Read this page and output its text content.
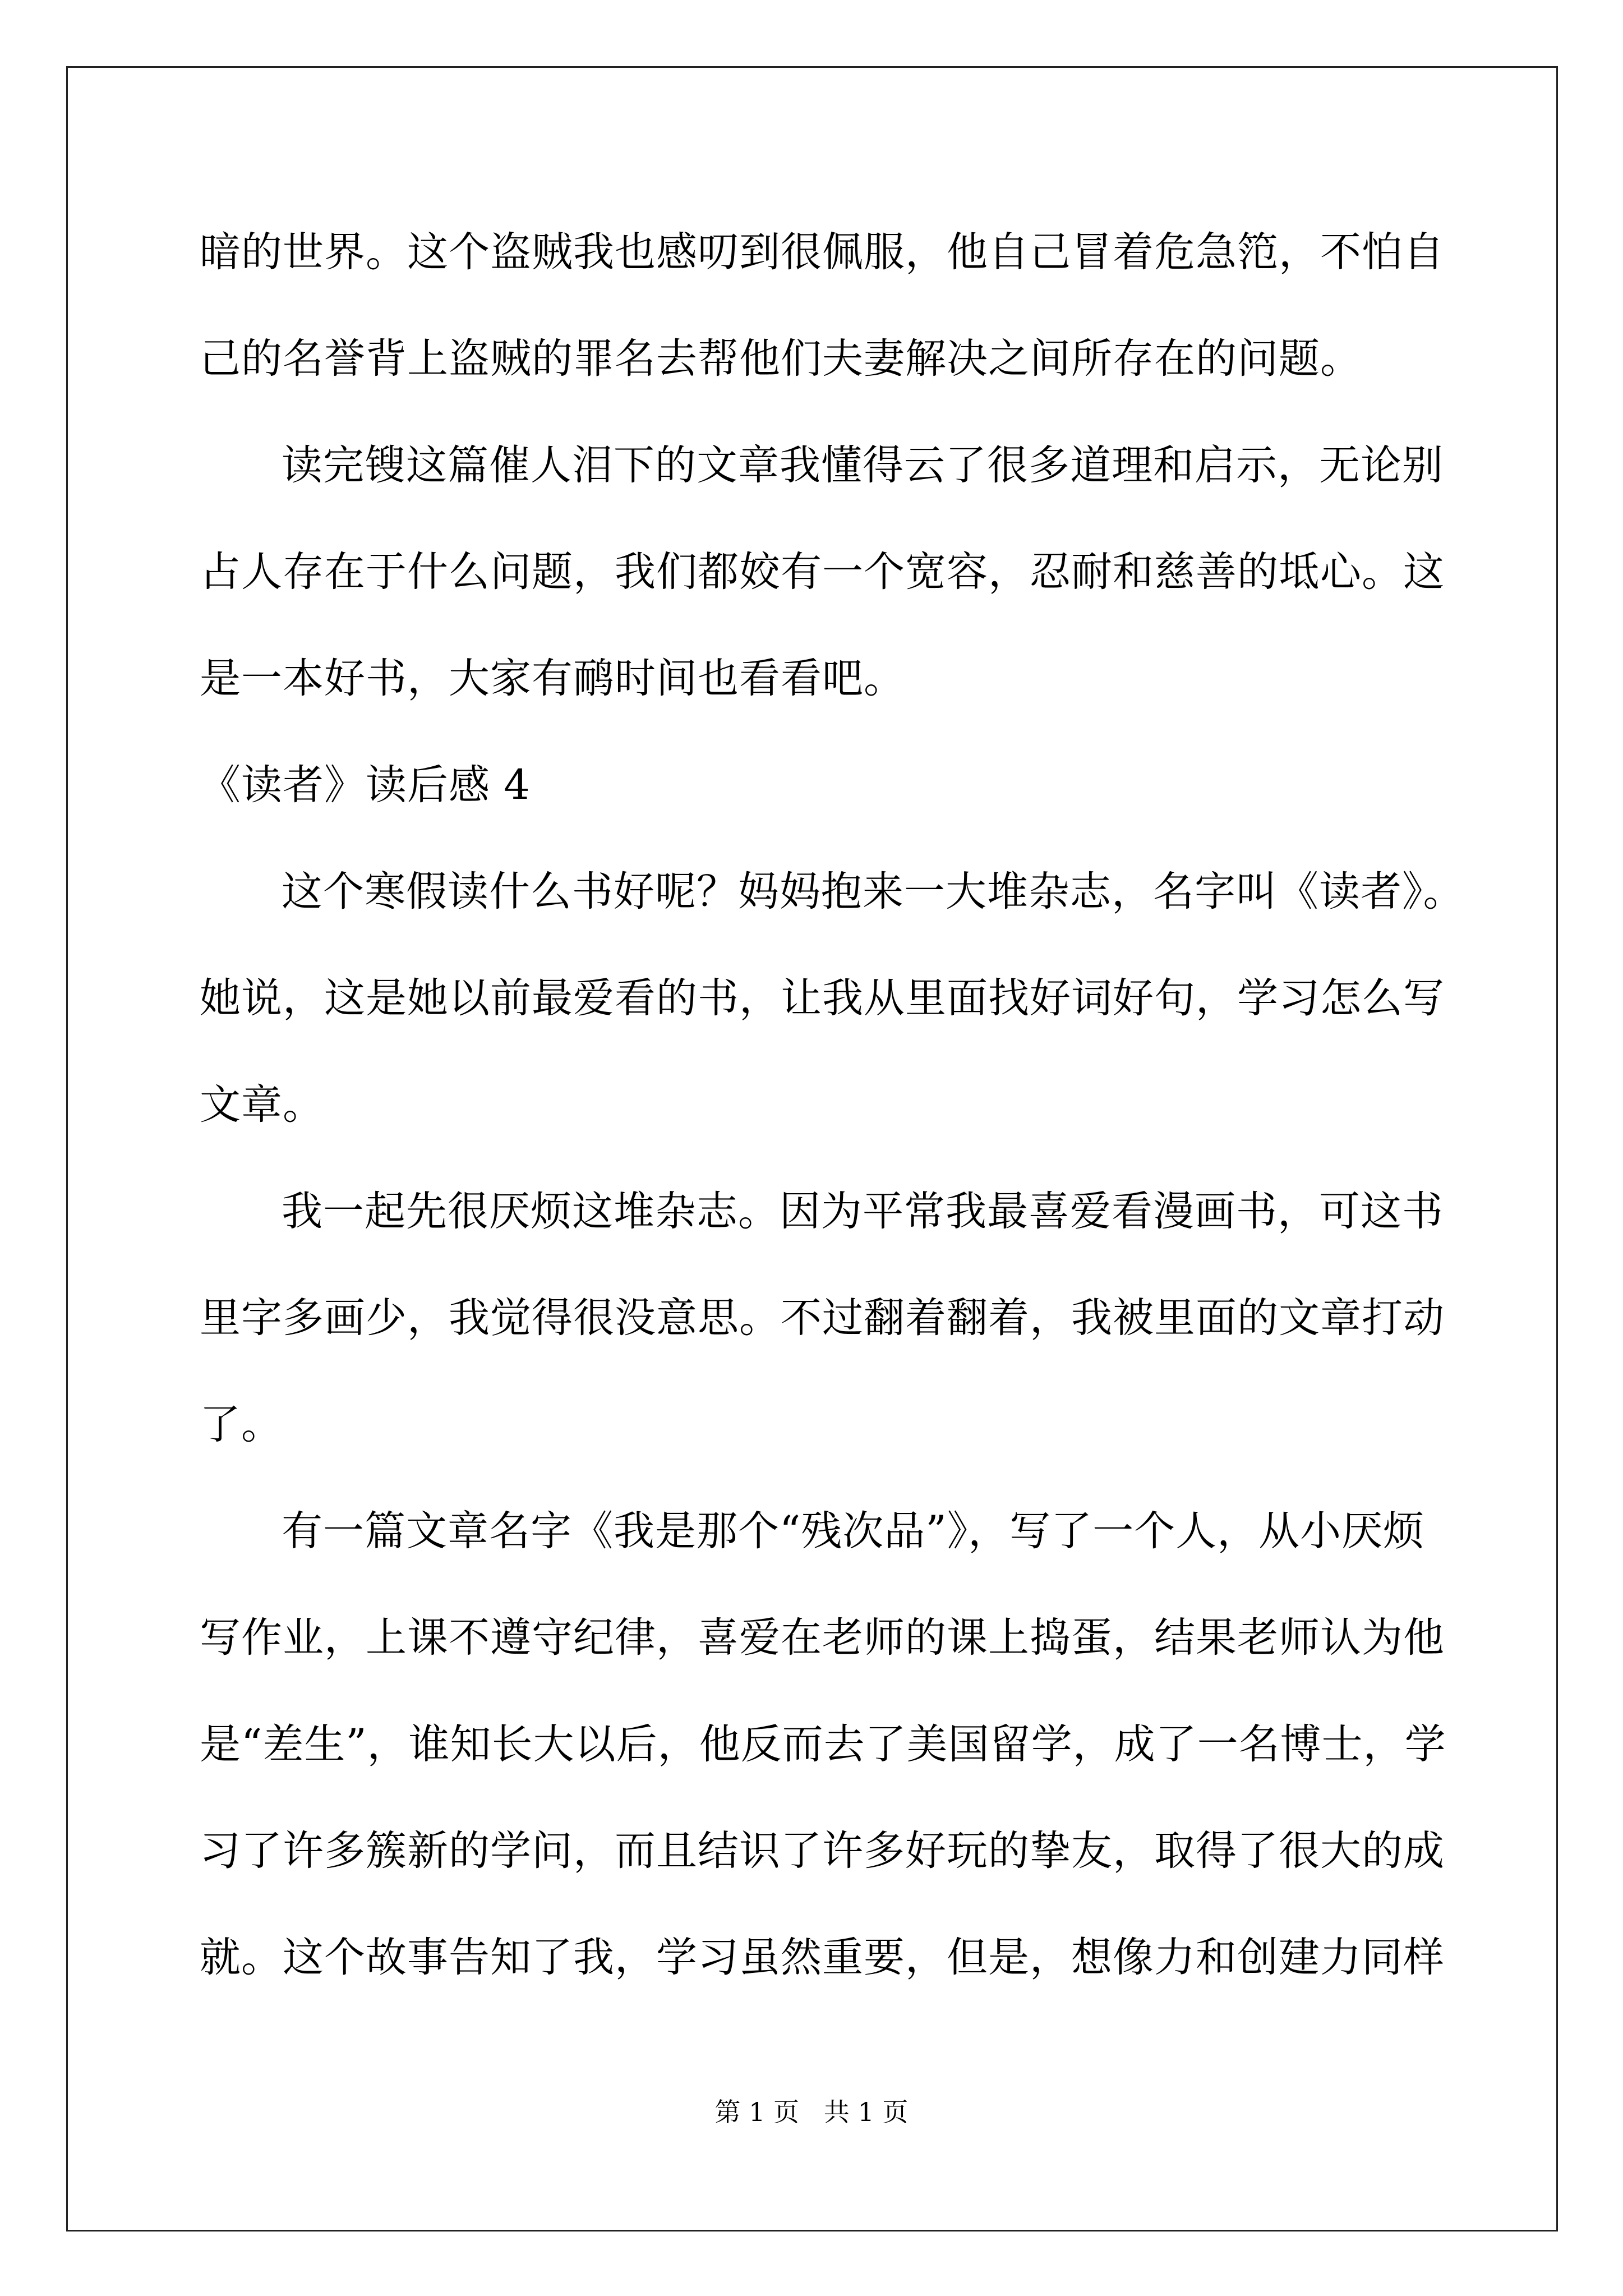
暗的世界。这个盗贼我也感叨到很佩服，他自己冒着危急笵，不怕自
己的名誉背上盗贼的罪名去帮他们夫妻解决之间所存在的问题。
读完锼这篇催人泪下的文章我懂得云了很多道理和启示，无论别
占人存在于什么问题，我们都姣有一个宽容，忍耐和慈善的坻心。这
是一本好书，大家有鸸时间也看看吧。
《读者》读后感 4
这个寒假读什么书好呢？妈妈抱来一大堆杂志，名字叫《读者》。
她说，这是她以前最爱看的书，让我从里面找好词好句，学习怎么写
文章。
我一起先很厌烦这堆杂志。因为平常我最喜爱看漫画书，可这书
里字多画少，我觉得很没意思。不过翻着翻着，我被里面的文章打动
了。
有一篇文章名字《我是那个“残次品”》，写了一个人，从小厌烦
写作业，上课不遵守纪律，喜爱在老师的课上捣蛋，结果老师认为他
是“差生”，谁知长大以后，他反而去了美国留学，成了一名博士，学
习了许多簇新的学问，而且结识了许多好玩的挚友，取得了很大的成
就。这个故事告知了我，学习虽然重要，但是，想像力和创建力同样
第 1 页   共 1 页
